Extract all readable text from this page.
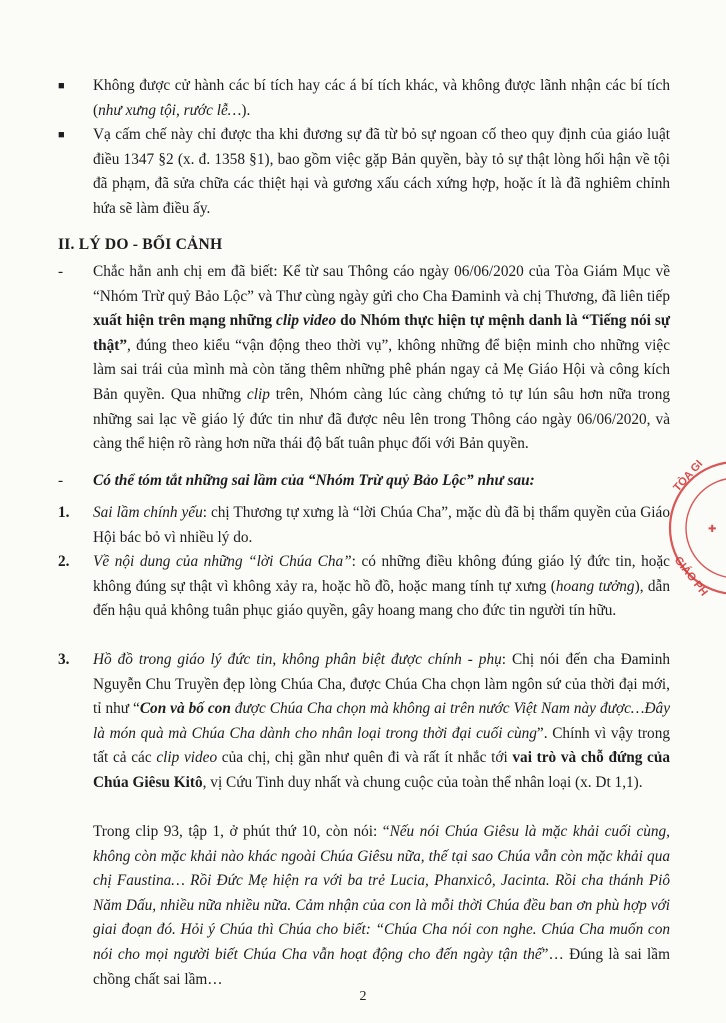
■ Không được cử hành các bí tích hay các á bí tích khác, và không được lãnh nhận các bí tích (như xưng tội, rước lễ…).
■ Vạ cấm chế này chỉ được tha khi đương sự đã từ bỏ sự ngoan cố theo quy định của giáo luật điều 1347 §2 (x. đ. 1358 §1), bao gồm việc gặp Bản quyền, bày tỏ sự thật lòng hối hận về tội đã phạm, đã sửa chữa các thiệt hại và gương xấu cách xứng hợp, hoặc ít là đã nghiêm chỉnh hứa sẽ làm điều ấy.
II. LÝ DO - BỐI CẢNH
- Chắc hẳn anh chị em đã biết: Kể từ sau Thông cáo ngày 06/06/2020 của Tòa Giám Mục về “Nhóm Trừ quỷ Bảo Lộc” và Thư cùng ngày gửi cho Cha Đaminh và chị Thương, đã liên tiếp xuất hiện trên mạng những clip video do Nhóm thực hiện tự mệnh danh là “Tiếng nói sự thật”, đúng theo kiểu “vận động theo thời vụ”, không những để biện minh cho những việc làm sai trái của mình mà còn tăng thêm những phê phán ngay cả Mẹ Giáo Hội và công kích Bản quyền. Qua những clip trên, Nhóm càng lúc càng chứng tỏ tự lún sâu hơn nữa trong những sai lạc về giáo lý đức tin như đã được nêu lên trong Thông cáo ngày 06/06/2020, và càng thể hiện rõ ràng hơn nữa thái độ bất tuân phục đối với Bản quyền.
- Có thể tóm tắt những sai lầm của “Nhóm Trừ quỷ Bảo Lộc” như sau:
1. Sai lầm chính yếu: chị Thương tự xưng là “lời Chúa Cha”, mặc dù đã bị thẩm quyền của Giáo Hội bác bỏ vì nhiều lý do.
2. Về nội dung của những “lời Chúa Cha”: có những điều không đúng giáo lý đức tin, hoặc không đúng sự thật vì không xảy ra, hoặc hồ đồ, hoặc mang tính tự xưng (hoang tưởng), dẫn đến hậu quả không tuân phục giáo quyền, gây hoang mang cho đức tin người tín hữu.
3. Hồ đồ trong giáo lý đức tin, không phân biệt được chính - phụ: Chị nói đến cha Đaminh Nguyễn Chu Truyền đẹp lòng Chúa Cha, được Chúa Cha chọn làm ngôn sứ của thời đại mới, tỉ như “Con và bố con được Chúa Cha chọn mà không ai trên nước Việt Nam này được…Đây là món quà mà Chúa Cha dành cho nhân loại trong thời đại cuối cùng”. Chính vì vậy trong tất cả các clip video của chị, chị gần như quên đi và rất ít nhắc tới vai trò và chỗ đứng của Chúa Giêsu Kitô, vị Cứu Tinh duy nhất và chung cuộc của toàn thể nhân loại (x. Dt 1,1).
Trong clip 93, tập 1, ở phút thứ 10, còn nói: “Nếu nói Chúa Giêsu là mặc khải cuối cùng, không còn mặc khải nào khác ngoài Chúa Giêsu nữa, thế tại sao Chúa vẫn còn mặc khải qua chị Faustina… Rồi Đức Mẹ hiện ra với ba trẻ Lucia, Phanxicô, Jacinta. Rồi cha thánh Piô Năm Dấu, nhiều nữa nhiều nữa. Cảm nhận của con là mỗi thời Chúa đều ban ơn phù hợp với giai đoạn đó. Hỏi ý Chúa thì Chúa cho biết: “Chúa Cha nói con nghe. Chúa Cha muốn con nói cho mọi người biết Chúa Cha vẫn hoạt động cho đến ngày tận thế”… Đúng là sai lầm chồng chất sai lầm…
2
TÒA GI
GIÁO PH
✚
